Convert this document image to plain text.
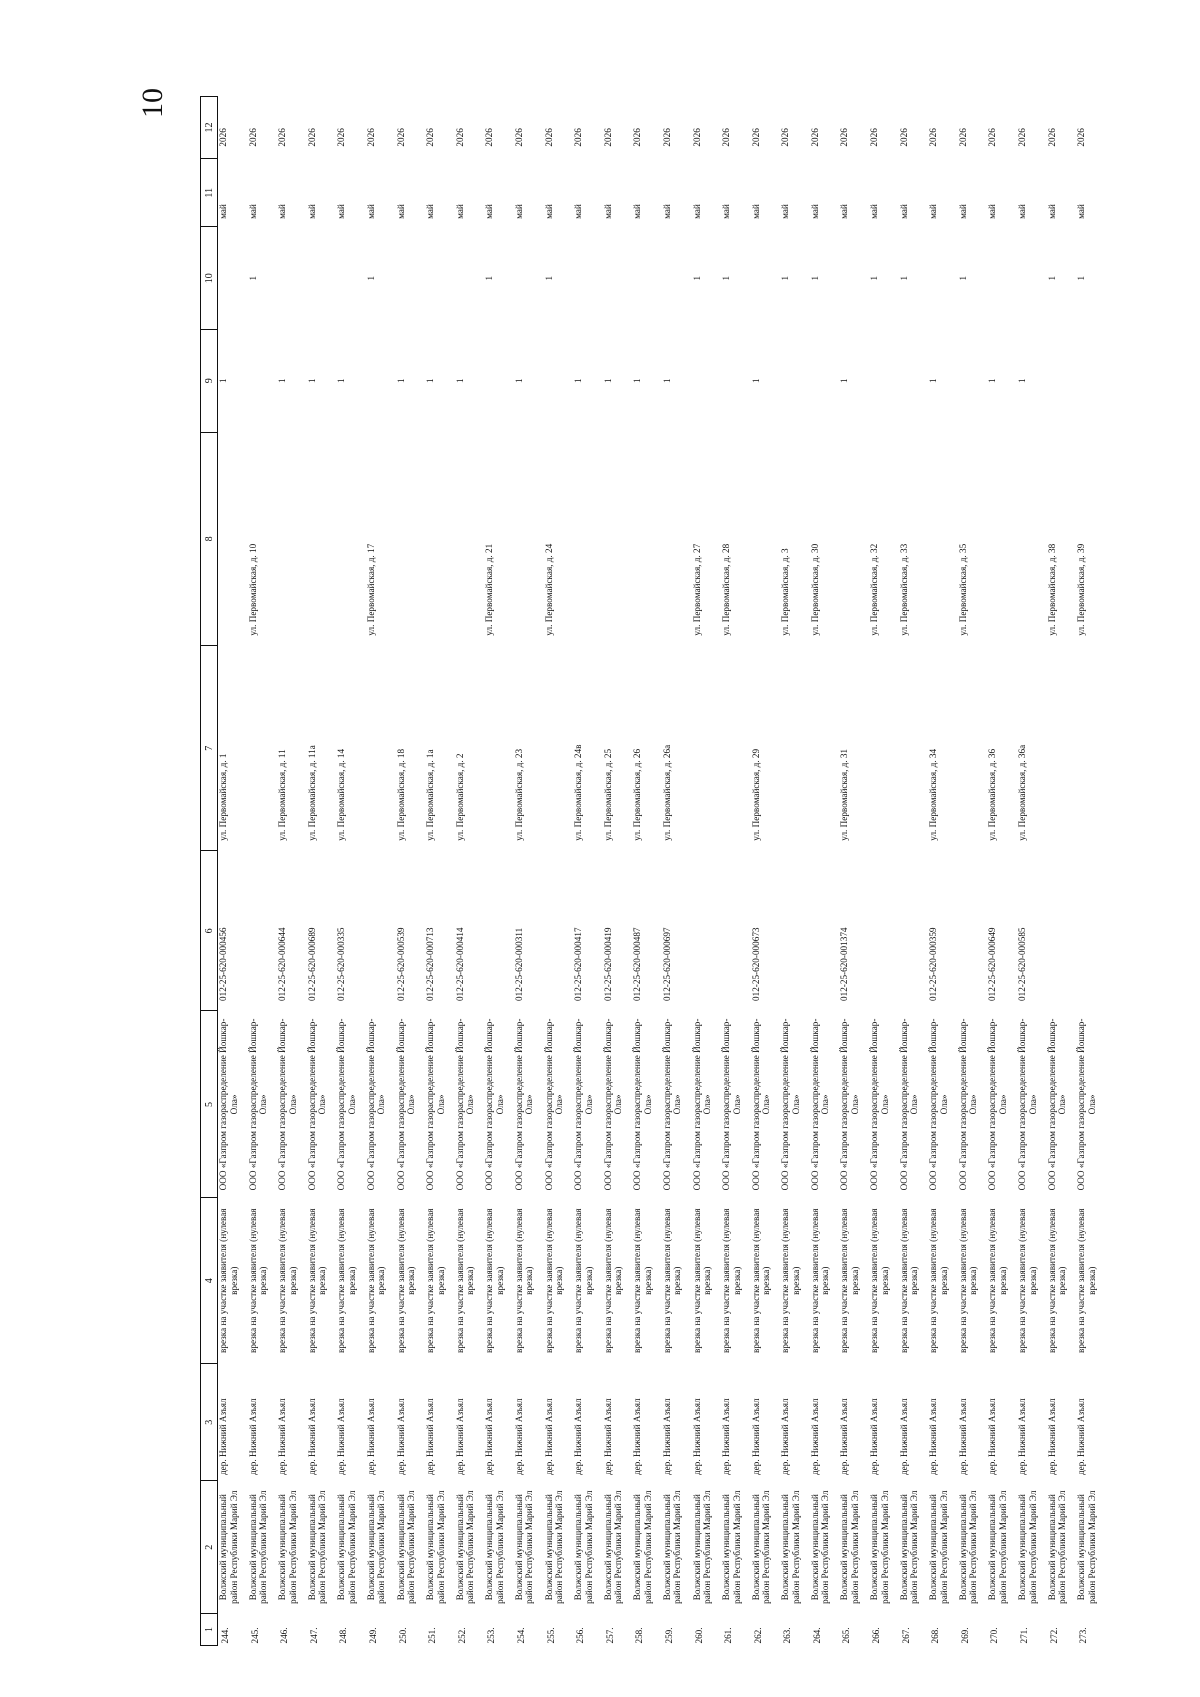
10
1	2	3	4	5	6	7	8	9	10	11	12
244.	Волжский муниципальный район Республики Марий Эл	дер. Нижний Азъял	врезка на участке заявителя (нулевая врезка)	ООО «Газпром газораспределение Йошкар-Ола»	012-25-620-000456	ул. Первомайская, д. 1		1		май	2026
245.	Волжский муниципальный район Республики Марий Эл	дер. Нижний Азъял	врезка на участке заявителя (нулевая врезка)	ООО «Газпром газораспределение Йошкар-Ола»			ул. Первомайская, д. 10		1	май	2026
246.	Волжский муниципальный район Республики Марий Эл	дер. Нижний Азъял	врезка на участке заявителя (нулевая врезка)	ООО «Газпром газораспределение Йошкар-Ола»	012-25-620-000644	ул. Первомайская, д. 11		1		май	2026
247.	Волжский муниципальный район Республики Марий Эл	дер. Нижний Азъял	врезка на участке заявителя (нулевая врезка)	ООО «Газпром газораспределение Йошкар-Ола»	012-25-620-000689	ул. Первомайская, д. 11а		1		май	2026
248.	Волжский муниципальный район Республики Марий Эл	дер. Нижний Азъял	врезка на участке заявителя (нулевая врезка)	ООО «Газпром газораспределение Йошкар-Ола»	012-25-620-000335	ул. Первомайская, д. 14		1		май	2026
249.	Волжский муниципальный район Республики Марий Эл	дер. Нижний Азъял	врезка на участке заявителя (нулевая врезка)	ООО «Газпром газораспределение Йошкар-Ола»			ул. Первомайская, д. 17		1	май	2026
250.	Волжский муниципальный район Республики Марий Эл	дер. Нижний Азъял	врезка на участке заявителя (нулевая врезка)	ООО «Газпром газораспределение Йошкар-Ола»	012-25-620-000539	ул. Первомайская, д. 18		1		май	2026
251.	Волжский муниципальный район Республики Марий Эл	дер. Нижний Азъял	врезка на участке заявителя (нулевая врезка)	ООО «Газпром газораспределение Йошкар-Ола»	012-25-620-000713	ул. Первомайская, д. 1а		1		май	2026
252.	Волжский муниципальный район Республики Марий Эл	дер. Нижний Азъял	врезка на участке заявителя (нулевая врезка)	ООО «Газпром газораспределение Йошкар-Ола»	012-25-620-000414	ул. Первомайская, д. 2		1		май	2026
253.	Волжский муниципальный район Республики Марий Эл	дер. Нижний Азъял	врезка на участке заявителя (нулевая врезка)	ООО «Газпром газораспределение Йошкар-Ола»			ул. Первомайская, д. 21		1	май	2026
254.	Волжский муниципальный район Республики Марий Эл	дер. Нижний Азъял	врезка на участке заявителя (нулевая врезка)	ООО «Газпром газораспределение Йошкар-Ола»	012-25-620-000311	ул. Первомайская, д. 23		1		май	2026
255.	Волжский муниципальный район Республики Марий Эл	дер. Нижний Азъял	врезка на участке заявителя (нулевая врезка)	ООО «Газпром газораспределение Йошкар-Ола»			ул. Первомайская, д. 24		1	май	2026
256.	Волжский муниципальный район Республики Марий Эл	дер. Нижний Азъял	врезка на участке заявителя (нулевая врезка)	ООО «Газпром газораспределение Йошкар-Ола»	012-25-620-000417	ул. Первомайская, д. 24в		1		май	2026
257.	Волжский муниципальный район Республики Марий Эл	дер. Нижний Азъял	врезка на участке заявителя (нулевая врезка)	ООО «Газпром газораспределение Йошкар-Ола»	012-25-620-000419	ул. Первомайская, д. 25		1		май	2026
258.	Волжский муниципальный район Республики Марий Эл	дер. Нижний Азъял	врезка на участке заявителя (нулевая врезка)	ООО «Газпром газораспределение Йошкар-Ола»	012-25-620-000487	ул. Первомайская, д. 26		1		май	2026
259.	Волжский муниципальный район Республики Марий Эл	дер. Нижний Азъял	врезка на участке заявителя (нулевая врезка)	ООО «Газпром газораспределение Йошкар-Ола»	012-25-620-000697	ул. Первомайская, д. 26а		1		май	2026
260.	Волжский муниципальный район Республики Марий Эл	дер. Нижний Азъял	врезка на участке заявителя (нулевая врезка)	ООО «Газпром газораспределение Йошкар-Ола»			ул. Первомайская, д. 27		1	май	2026
261.	Волжский муниципальный район Республики Марий Эл	дер. Нижний Азъял	врезка на участке заявителя (нулевая врезка)	ООО «Газпром газораспределение Йошкар-Ола»			ул. Первомайская, д. 28		1	май	2026
262.	Волжский муниципальный район Республики Марий Эл	дер. Нижний Азъял	врезка на участке заявителя (нулевая врезка)	ООО «Газпром газораспределение Йошкар-Ола»	012-25-620-000673	ул. Первомайская, д. 29		1		май	2026
263.	Волжский муниципальный район Республики Марий Эл	дер. Нижний Азъял	врезка на участке заявителя (нулевая врезка)	ООО «Газпром газораспределение Йошкар-Ола»			ул. Первомайская, д. 3		1	май	2026
264.	Волжский муниципальный район Республики Марий Эл	дер. Нижний Азъял	врезка на участке заявителя (нулевая врезка)	ООО «Газпром газораспределение Йошкар-Ола»			ул. Первомайская, д. 30		1	май	2026
265.	Волжский муниципальный район Республики Марий Эл	дер. Нижний Азъял	врезка на участке заявителя (нулевая врезка)	ООО «Газпром газораспределение Йошкар-Ола»	012-25-620-001374	ул. Первомайская, д. 31		1		май	2026
266.	Волжский муниципальный район Республики Марий Эл	дер. Нижний Азъял	врезка на участке заявителя (нулевая врезка)	ООО «Газпром газораспределение Йошкар-Ола»			ул. Первомайская, д. 32		1	май	2026
267.	Волжский муниципальный район Республики Марий Эл	дер. Нижний Азъял	врезка на участке заявителя (нулевая врезка)	ООО «Газпром газораспределение Йошкар-Ола»			ул. Первомайская, д. 33		1	май	2026
268.	Волжский муниципальный район Республики Марий Эл	дер. Нижний Азъял	врезка на участке заявителя (нулевая врезка)	ООО «Газпром газораспределение Йошкар-Ола»	012-25-620-000359	ул. Первомайская, д. 34		1		май	2026
269.	Волжский муниципальный район Республики Марий Эл	дер. Нижний Азъял	врезка на участке заявителя (нулевая врезка)	ООО «Газпром газораспределение Йошкар-Ола»			ул. Первомайская, д. 35		1	май	2026
270.	Волжский муниципальный район Республики Марий Эл	дер. Нижний Азъял	врезка на участке заявителя (нулевая врезка)	ООО «Газпром газораспределение Йошкар-Ола»	012-25-620-000649	ул. Первомайская, д. 36		1		май	2026
271.	Волжский муниципальный район Республики Марий Эл	дер. Нижний Азъял	врезка на участке заявителя (нулевая врезка)	ООО «Газпром газораспределение Йошкар-Ола»	012-25-620-000585	ул. Первомайская, д. 36а		1		май	2026
272.	Волжский муниципальный район Республики Марий Эл	дер. Нижний Азъял	врезка на участке заявителя (нулевая врезка)	ООО «Газпром газораспределение Йошкар-Ола»			ул. Первомайская, д. 38		1	май	2026
273.	Волжский муниципальный район Республики Марий Эл	дер. Нижний Азъял	врезка на участке заявителя (нулевая врезка)	ООО «Газпром газораспределение Йошкар-Ола»			ул. Первомайская, д. 39		1	май	2026
